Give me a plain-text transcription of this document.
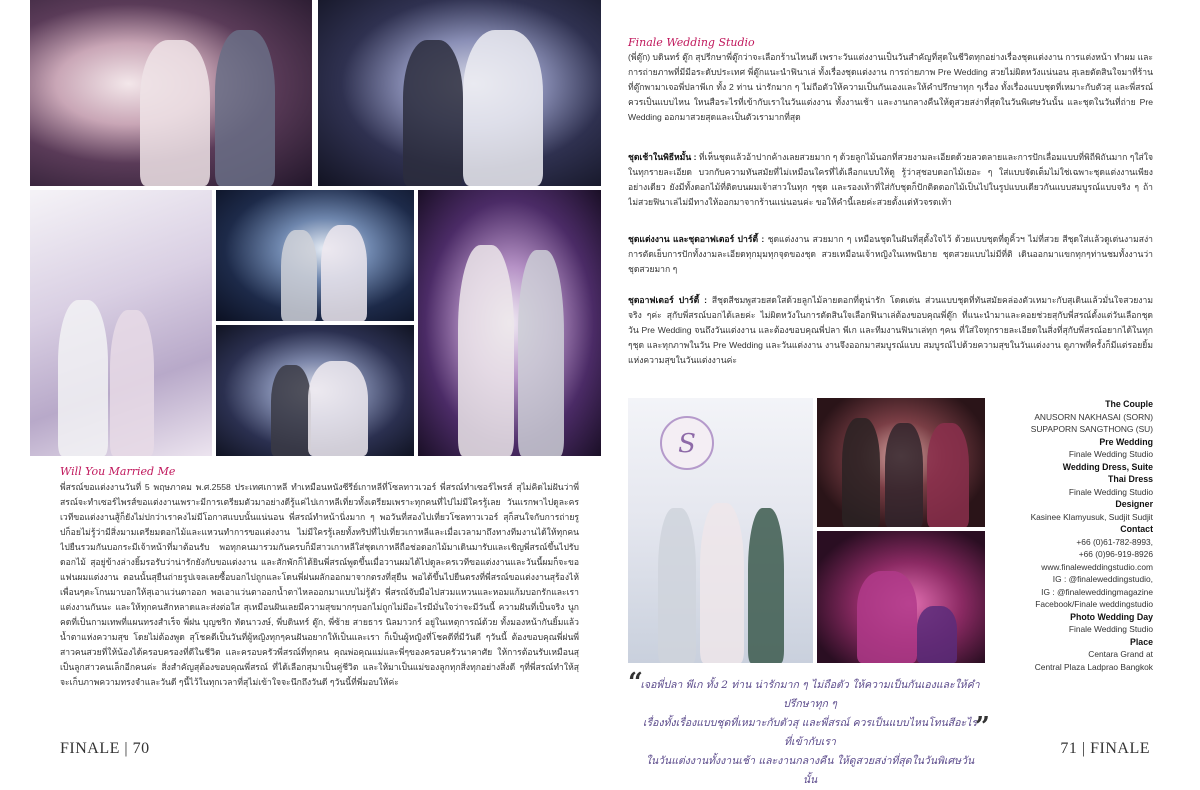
Will You Married Me

พี่สรณ์ขอแต่งงานวันที่ 5 พฤษภาคม พ.ศ.2558 ประเทศเกาหลี ทำเหมือนหนังซีรีย์เกาหลีที่โซลทาวเวอร์ พี่สรณ์ทำเซอร์ไพรส์ สุไม่คิดไม่ฝันว่าพี่สรณ์จะทำเซอร์ไพรส์ขอแต่งงานเพราะมีการเตรียมตัวมาอย่างดีรู้แค่ไปเกาหลีเที่ยวทั้งเตรียมเพราะทุกคนที่ไปไม่มีใครรู้เลย วันแรกพาไปดูละครเวทีขอแต่งงานสู้ก็ยังไม่ปกว่าเราคงไม่มีโอกาสแบบนั้นแน่นอน พี่สรณ์ทำหน้านิ่งมาก ๆ พอวันที่สองไปเที่ยวโซลทาวเวอร์ สุก็สนใจกับการถ่ายรูปก็อยไม่รู้ว่ามีสิ่งมามเตรียมดอกไม้และแหวนทำการขอแต่งงาน ไม่มีใครรู้เลยทั้งทริปที่ไปเที่ยวเกาหลีและเมื่อเวลามาถึงทางทีมงานได้ให้ทุกคนไปยืนรวมกันบอกระมีเจ้าหน้าที่มาต้อนรับ พอทุกคนมารวมกันครบก็มีสาวเกาหลีใส่ชุดเกาหลีถือช่อดอกไม้มาเดินมารับและเชิญพี่สรณ์ขึ้นไปรับดอกไม้ สุอยู่ข้างล่างยิ้มรอรับว่าน่ารักยังกับขอแต่งงาน และสักพักก็ได้ยินพี่สรณ์พูดขึ้นเมื่อวานผมได้ไปดูละครเวทีขอแต่งงานและวันนี้ผมก็จะขอแฟนผมแต่งงาน ตอนนั้นสุยืนถ่ายรูปเจลเลยซื้อบอกไปถูกและโดนพี่ฝนผลักออกมาจากตรงที่สุยืน พอได้ขึ้นไปยืนตรงที่พี่สรณ์ขอแต่งงานสุร้องไห้เพื่อนๆตะโกนมาบอกให้สุเอาแว่นตาออก พอเอาแว่นตาออกน้ำตาไหลออกมาแบบไม่รู้ตัว พี่สรณ์จับมือไปสวมแหวนและหอมแก้มบอกรักและเราแต่งงานกันนะ และให้ทุกคนสักหลาดและส่งต่อใส สุเหมือนฝันเลยมีความสุขมากๆบอกไม่ถูกไม่มีอะไรมีมั่นใจว่าจะมีวันนี้ ความฝันที่เป็นจริง นูกคดที่เป็นกามเทพที่แผนทรงสำเร็จ พี่ฝน บุญชริก ทัดนาวงษ์, พี่บดินทร์ ตู๊ก, พี่ซ้าย สายธาร นิลมาวกร์ อยู่ในเหตุการณ์ด้วย ทั้งมองหน้ากันยิ้มแล้วน้ำตาแห่งความสุข โดยไม่ต้องพูด สุโชคดีเป็นวันที่ผู้หญิงทุกๆคนฝันอยากให้เป็นและเรา ก็เป็นผู้หญิงที่โชคดีที่มีวันดี ๆวันนี้ ต้องขอบคุณพี่ฝนพี่สาวคนสวยที่ให้น้องได้ครอบครองที่ดีในชีวิต และครอบครัวพี่สรณ์ที่ทุกคน คุณพ่อคุณแม่และพี่ๆของครอบครัวนาคาศัย ให้การต้อนรับเหมือนสุเป็นลูกสาวคนเล็กอีกคนค่ะ สิ่งสำคัญสุต้องขอบคุณพี่สรณ์ ที่ได้เลือกสุมาเป็นคู่ชีวิต และให้มาเป็นแม่ของลูกทุกสิ่งทุกอย่างสิ่งดี ๆที่พี่สรณ์ทำให้สุ จะเก็บภาพความทรงจำและวันดี ๆนี้ไว้ในทุกเวลาที่สุไม่เข้าใจจะนึกถึงวันดี ๆวันนี้ที่พี่มอบให้ค่ะ

FINALE | 70
Finale Wedding Studio

(พี่ตู๊ก) บดินทร์ ตู๊ก สุปรีกษาพี่ตู๊กว่าจะเลือกร้านไหนดี เพราะวันแต่งงานเป็นวันสำคัญที่สุดในชีวิตทุกอย่างเรื่องชุดแต่งงาน การแต่งหน้า ทำผม และการถ่ายภาพที่มีมีอระดับประเทศ พี่ตู๊กแนะนำฟินาเล่ ทั้งเรื่องชุดแต่งงาน การถ่ายภาพ Pre Wedding สวยไม่ผิดหวังแน่นอน สุเลยตัดสินใจมาที่ร้านที่ตู๊กพามาเจอพี่ปลาพีเก ทั้ง 2 ท่าน น่ารักมาก ๆ ไม่ถือตัวให้ความเป็นกันเองและให้คำปรึกษาทุก ๆเรื่อง ทั้งเรื่องแบบชุดที่เหมาะกับตัวสุ และพี่สรณ์ควรเป็นแบบไหน ใหนสือระไรที่เข้ากับเราในวันแต่งงาน ทั้งงานเช้า และงานกลางคืนให้ดูสวยสง่าที่สุดในวันพิเศษวันนั้น และชุดในวันที่ถ่าย Pre Wedding ออกมาสวยสุดและเป็นตัวเรามากที่สุด

ชุดเช้าในพิธีหมั้น : ที่เห็นชุดแล้วอ้าปากค้างเลยสวยมาก ๆ ด้วยลูกไม้นอกที่สวยงามละเอียดด้วยลวดลายและการปักเลื่อมแบบที่พิถีพิถันมาก ๆใส่ใจในทุกรายละเอียด บวกกับความทันสมัยที่ไม่เหมือนใครที่ได้เลือกแบบให้ดู รู้ว่าสุชอบดอกไม้เยอะ ๆ ใส่แบบจัดเต็มไม่ใช่เฉพาะชุดแต่งงานเพียงอย่างเดียว ยังมีทั้งดอกไม้ที่ติดบนผมเจ้าสาวในทุก ๆชุด และรองเท้าที่ใส่กับชุดก็ปักติดดอกไม้เป็นไปในรูปแบบเดียวกันแบบสมบูรณ์แบบจริง ๆ ถ้าไม่สวยฟินาเล่ไม่มีทางให้ออกมาจากร้านแน่นอนค่ะ ขอให้คำนี้เลยค่ะสวยตั้งแต่หัวจรดเท้า

ชุดแต่งงาน และชุดอาฟเตอร์ ปาร์ตี้ : ชุดแต่งงาน สวยมาก ๆ เหมือนชุดในฝันที่สุตั้งใจไว้ ด้วยแบบชุดที่ดูคิ้วฯ ไม่ที่สวย สีชุดใส่แล้วดูเด่นงามสง่า การตัดเย็บการปักทั้งงามละเอียดทุกมุมทุกจุดของชุด สวยเหมือนเจ้าหญิงในเทพนิยาย ชุดสวยแบบไม่มีที่ติ เดินออกมาแขกทุกๆท่านชมทั้งงานว่าชุดสวยมาก ๆ

ชุดอาฟเตอร์ ปาร์ตี้ : สีชุดสีชมพูสวยสดใสด้วยลูกไม้ลายดอกที่ดูน่ารัก โดดเด่น ส่วนแบบชุดที่ทันสมัยคล่องตัวเหมาะกับสุเดินแล้วมั่นใจสวยงามจริง ๆค่ะ สุกับพี่สรณ์บอกได้เลยค่ะ ไม่ผิดหวังในการตัดสินใจเลือกฟินาเล่ต้องขอบคุณพี่ตู๊ก ที่แนะนำมาและคอยช่วยสุกับพี่สรณ์ตั้งแต่วันเลือกชุด วัน Pre Wedding จนถึงวันแต่งงาน และต้องขอบคุณพี่ปลา พีเก และทีมงานฟินาเล่ทุก ๆคน ที่ใส่ใจทุกรายละเอียดในสิ่งที่สุกับพี่สรณ์อยากได้ในทุก ๆชุด และทุกภาพในวัน Pre Wedding และวันแต่งงาน งานจึงออกมาสมบูรณ์แบบ สมบูรณ์ไปด้วยความสุขในวันแต่งงาน ดูภาพที่ครั้งก็มีแต่รอยยิ้มแห่งความสุขในวันแต่งงานค่ะ

S
The Couple
ANUSORN NAKHASAI (SORN)
SUPAPORN SANGTHONG (SU)
Pre Wedding
Finale Wedding Studio
Wedding Dress, Suite
Thai Dress
Finale Wedding Studio
Designer
Kasinee Klamyusuk, Sudjit Sudjit
Contact
+66 (0)61-782-8993,
+66 (0)96-919-8926
www.finaleweddingstudio.com
IG : @finaleweddingstudio,
IG : @finaleweddingmagazine
Facebook/Finale weddingstudio
Photo Wedding Day
Finale Wedding Studio
Place
Centara Grand at
Central Plaza Ladprao Bangkok
“
เจอพี่ปลา พีเก ทั้ง 2 ท่าน น่ารักมาก ๆ ไม่ถือตัว ให้ความเป็นกันเองและให้คำปรึกษาทุก ๆ
เรื่องทั้งเรื่องแบบชุดที่เหมาะกับตัวสุ และพี่สรณ์ ควรเป็นแบบไหนโทนสีอะไรที่เข้ากับเรา
ในวันแต่งงานทั้งงานเช้า และงานกลางคืน ให้ดูสวยสง่าที่สุดในวันพิเศษวันนั้น
”
71 | FINALE
